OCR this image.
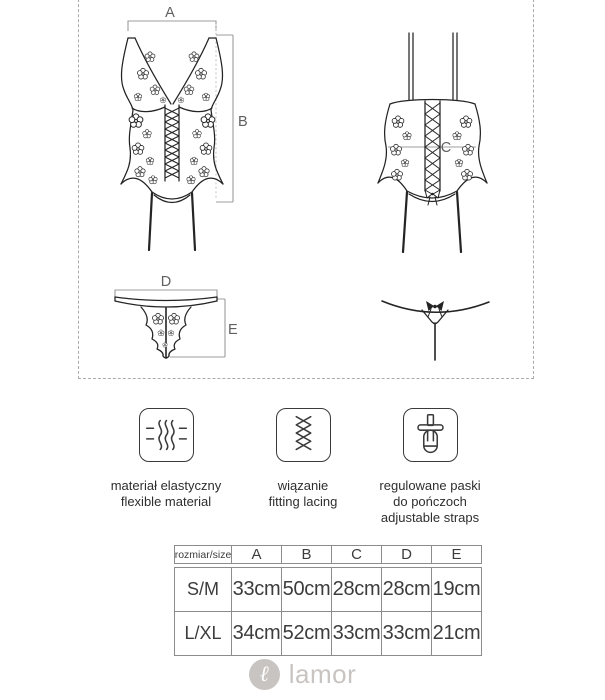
A
B
C
D
E
materiał elastyczny
flexible material
wiązanie
fitting lacing
regulowane paski
do pończoch
adjustable straps
rozmiar/size	A	B	C	D	E
S/M 33cm 50cm 28cm 28cm 19cm
L/XL 34cm 52cm 33cm 33cm 21cm
ℓ lamor
